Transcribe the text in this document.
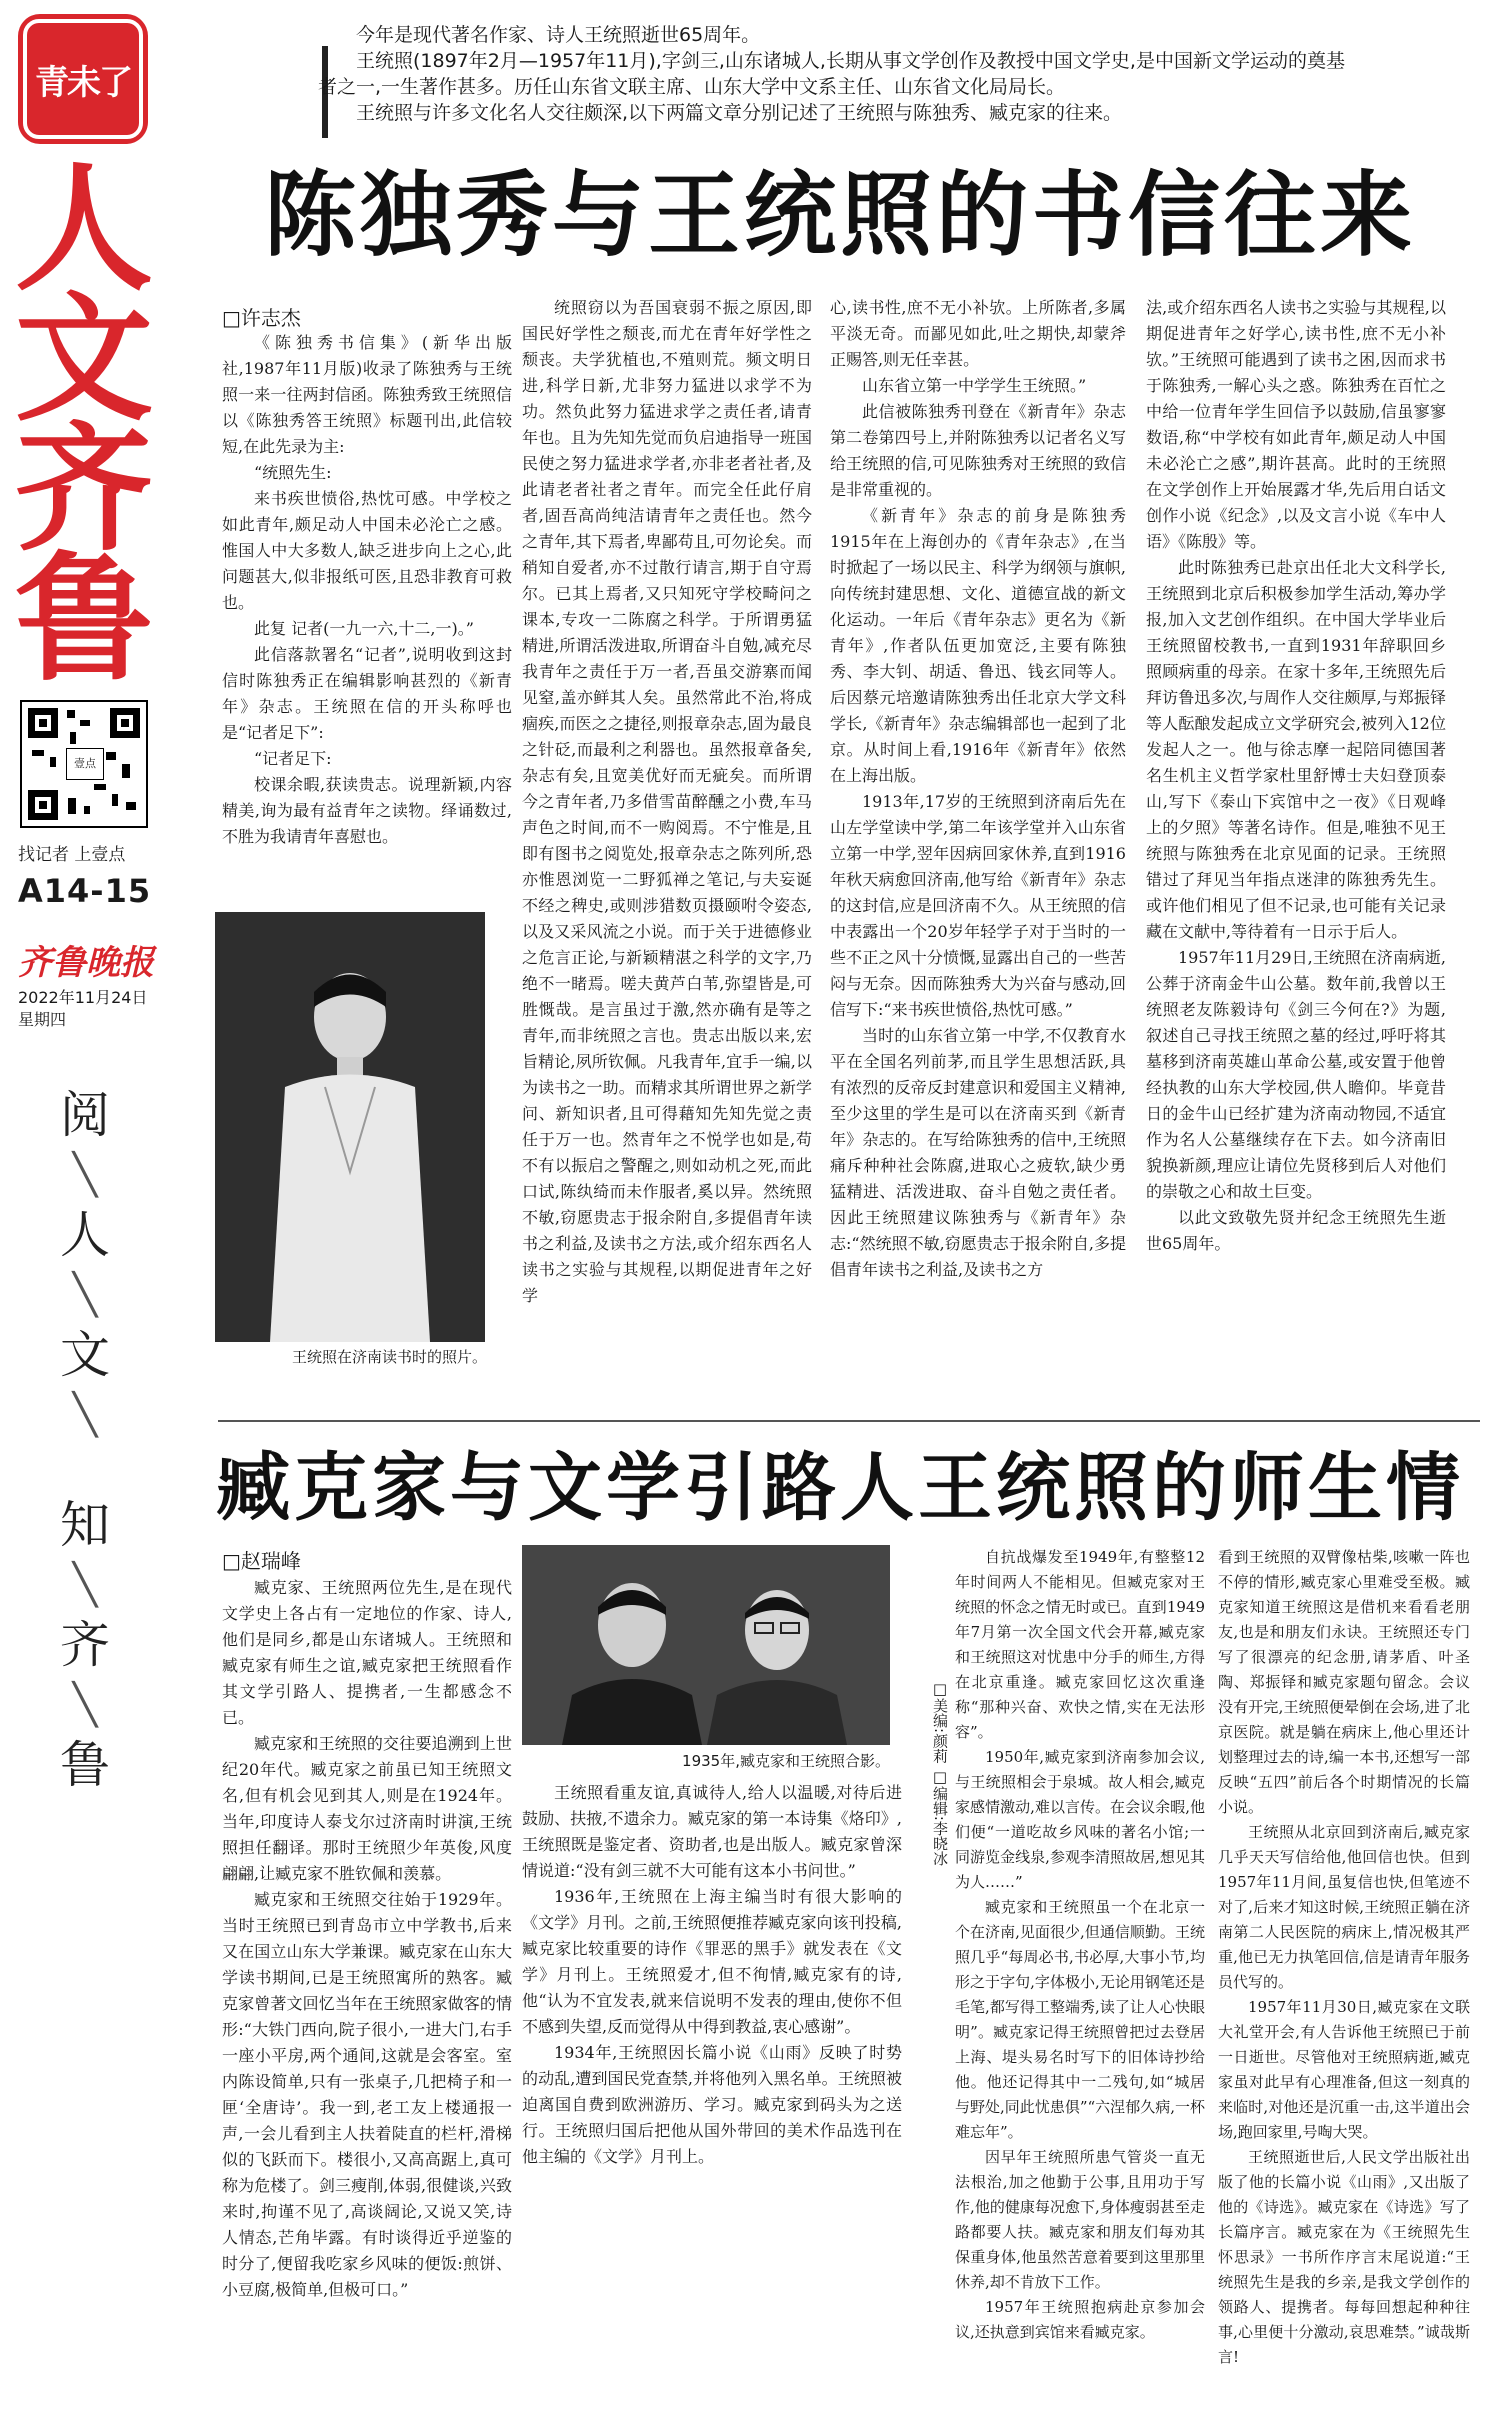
青未了
人
文
齐
鲁
壹点
找记者 上壹点
A14-15
齐鲁晚报
2022年11月24日
星期四
阅
╲
人
╲
文
╲
知
╲
齐
╲
鲁

今年是现代著名作家、诗人王统照逝世65周年。

王统照(1897年2月—1957年11月),字剑三,山东诸城人,长期从事文学创作及教授中国文学史,是中国新文学运动的奠基者之一,一生著作甚多。历任山东省文联主席、山东大学中文系主任、山东省文化局局长。

王统照与许多文化名人交往颇深,以下两篇文章分别记述了王统照与陈独秀、臧克家的往来。

陈独秀与王统照的书信往来
□许志杰

《陈独秀书信集》(新华出版社,1987年11月版)收录了陈独秀与王统照一来一往两封信函。陈独秀致王统照信以《陈独秀答王统照》标题刊出,此信较短,在此先录为主:

“统照先生:

来书疾世愤俗,热忱可感。中学校之如此青年,颇足动人中国未必沦亡之感。惟国人中大多数人,缺乏进步向上之心,此问题甚大,似非报纸可医,且恐非教育可救也。

此复 记者(一九一六,十二,一)。”

此信落款署名“记者”,说明收到这封信时陈独秀正在编辑影响甚烈的《新青年》杂志。王统照在信的开头称呼也是“记者足下”:

“记者足下:

校课余暇,获读贵志。说理新颖,内容精美,询为最有益青年之读物。绎诵数过,不胜为我请青年喜慰也。

王统照在济南读书时的照片。

统照窃以为吾国衰弱不振之原因,即国民好学性之颓丧,而尤在青年好学性之颓丧。夫学犹植也,不殖则荒。频文明日进,科学日新,尤非努力猛进以求学不为功。然负此努力猛进求学之责任者,请青年也。且为先知先觉而负启迪指导一班国民使之努力猛进求学者,亦非老者社者,及此请老者社者之青年。而完全任此仔肩者,固吾高尚纯洁请青年之责任也。然今之青年,其下焉者,卑鄙苟且,可勿论矣。而稍知自爱者,亦不过散行请言,期于自守焉尔。已其上焉者,又只知死守学校畸问之课本,专攻一二陈腐之科学。于所谓勇猛精进,所谓活泼进取,所谓奋斗自勉,减充尽我青年之责任于万一者,吾虽交游寨而闻见窒,盖亦鲜其人矣。虽然常此不治,将成痼疾,而医之之捷径,则报章杂志,固为最良之针砭,而最利之利器也。虽然报章备矣,杂志有矣,且宽美优好而无疵矣。而所谓今之青年者,乃多借雪苗醉醺之小费,车马声色之时间,而不一购阅焉。不宁惟是,且即有图书之阅览处,报章杂志之陈列所,恐亦惟恩浏览一二野狐禅之笔记,与夫妄诞不经之稗史,或则涉猎数页摄颐咐令姿态,以及又采风流之小说。而于关于进德修业之危言正论,与新颖精湛之科学的文字,乃绝不一睹焉。嗟夫黄芦白苇,弥望皆是,可胜慨哉。是言虽过于激,然亦确有是等之青年,而非统照之言也。贵志出版以来,宏旨精论,夙所钦佩。凡我青年,宜手一编,以为读书之一助。而精求其所谓世界之新学问、新知识者,且可得藉知先知先觉之责任于万一也。然青年之不悦学也如是,苟不有以振启之警醒之,则如动机之死,而此口试,陈纨绮而未作服者,奚以异。然统照不敏,窃愿贵志于报余附自,多提倡青年读书之利益,及读书之方法,或介绍东西名人读书之实验与其规程,以期促进青年之好学

心,读书性,庶不无小补欤。上所陈者,多属平淡无奇。而鄙见如此,吐之期快,却蒙斧正赐答,则无任幸甚。

山东省立第一中学学生王统照。”

此信被陈独秀刊登在《新青年》杂志第二卷第四号上,并附陈独秀以记者名义写给王统照的信,可见陈独秀对王统照的致信是非常重视的。

《新青年》杂志的前身是陈独秀1915年在上海创办的《青年杂志》,在当时掀起了一场以民主、科学为纲领与旗帜,向传统封建思想、文化、道德宣战的新文化运动。一年后《青年杂志》更名为《新青年》,作者队伍更加宽泛,主要有陈独秀、李大钊、胡适、鲁迅、钱玄同等人。后因蔡元培邀请陈独秀出任北京大学文科学长,《新青年》杂志编辑部也一起到了北京。从时间上看,1916年《新青年》依然在上海出版。

1913年,17岁的王统照到济南后先在山左学堂读中学,第二年该学堂并入山东省立第一中学,翌年因病回家休养,直到1916年秋天病愈回济南,他写给《新青年》杂志的这封信,应是回济南不久。从王统照的信中表露出一个20岁年轻学子对于当时的一些不正之风十分愤慨,显露出自己的一些苦闷与无奈。因而陈独秀大为兴奋与感动,回信写下:“来书疾世愤俗,热忱可感。”

当时的山东省立第一中学,不仅教育水平在全国名列前茅,而且学生思想活跃,具有浓烈的反帝反封建意识和爱国主义精神,至少这里的学生是可以在济南买到《新青年》杂志的。在写给陈独秀的信中,王统照痛斥种种社会陈腐,进取心之疲软,缺少勇猛精进、活泼进取、奋斗自勉之责任者。因此王统照建议陈独秀与《新青年》杂志:“然统照不敏,窃愿贵志于报余附自,多提倡青年读书之利益,及读书之方

法,或介绍东西名人读书之实验与其规程,以期促进青年之好学心,读书性,庶不无小补欤。”王统照可能遇到了读书之困,因而求书于陈独秀,一解心头之惑。陈独秀在百忙之中给一位青年学生回信予以鼓励,信虽寥寥数语,称“中学校有如此青年,颇足动人中国未必沦亡之感”,期许甚高。此时的王统照在文学创作上开始展露才华,先后用白话文创作小说《纪念》,以及文言小说《车中人语》《陈殷》等。

此时陈独秀已赴京出任北大文科学长,王统照到北京后积极参加学生活动,筹办学报,加入文艺创作组织。在中国大学毕业后王统照留校教书,一直到1931年辞职回乡照顾病重的母亲。在家十多年,王统照先后拜访鲁迅多次,与周作人交往颇厚,与郑振铎等人酝酿发起成立文学研究会,被列入12位发起人之一。他与徐志摩一起陪同德国著名生机主义哲学家杜里舒博士夫妇登顶泰山,写下《泰山下宾馆中之一夜》《日观峰上的夕照》等著名诗作。但是,唯独不见王统照与陈独秀在北京见面的记录。王统照错过了拜见当年指点迷津的陈独秀先生。或许他们相见了但不记录,也可能有关记录藏在文献中,等待着有一日示于后人。

1957年11月29日,王统照在济南病逝,公葬于济南金牛山公墓。数年前,我曾以王统照老友陈毅诗句《剑三今何在?》为题,叙述自己寻找王统照之墓的经过,呼吁将其墓移到济南英雄山革命公墓,或安置于他曾经执教的山东大学校园,供人瞻仰。毕竟昔日的金牛山已经扩建为济南动物园,不适宜作为名人公墓继续存在下去。如今济南旧貌换新颜,理应让请位先贤移到后人对他们的崇敬之心和故土巨变。

以此文致敬先贤并纪念王统照先生逝世65周年。

臧克家与文学引路人王统照的师生情
□赵瑞峰

臧克家、王统照两位先生,是在现代文学史上各占有一定地位的作家、诗人,他们是同乡,都是山东诸城人。王统照和臧克家有师生之谊,臧克家把王统照看作其文学引路人、提携者,一生都感念不已。

臧克家和王统照的交往要追溯到上世纪20年代。臧克家之前虽已知王统照文名,但有机会见到其人,则是在1924年。当年,印度诗人泰戈尔过济南时讲演,王统照担任翻译。那时王统照少年英俊,风度翩翩,让臧克家不胜钦佩和羡慕。

臧克家和王统照交往始于1929年。当时王统照已到青岛市立中学教书,后来又在国立山东大学兼课。臧克家在山东大学读书期间,已是王统照寓所的熟客。臧克家曾著文回忆当年在王统照家做客的情形:“大铁门西向,院子很小,一进大门,右手一座小平房,两个通间,这就是会客室。室内陈设简单,只有一张桌子,几把椅子和一匣‘全唐诗’。我一到,老工友上楼通报一声,一会儿看到主人扶着陡直的栏杆,滑梯似的飞跃而下。楼很小,又高高踞上,真可称为危楼了。剑三瘦削,体弱,很健谈,兴致来时,拘谨不见了,高谈阔论,又说又笑,诗人情态,芒角毕露。有时谈得近乎逆鉴的时分了,便留我吃家乡风味的便饭:煎饼、小豆腐,极简单,但极可口。”

1935年,臧克家和王统照合影。

王统照看重友谊,真诚待人,给人以温暖,对待后进鼓励、扶掖,不遗余力。臧克家的第一本诗集《烙印》,王统照既是鉴定者、资助者,也是出版人。臧克家曾深情说道:“没有剑三就不大可能有这本小书问世。”

1936年,王统照在上海主编当时有很大影响的《文学》月刊。之前,王统照便推荐臧克家向该刊投稿,臧克家比较重要的诗作《罪恶的黑手》就发表在《文学》月刊上。王统照爱才,但不徇情,臧克家有的诗,他“认为不宜发表,就来信说明不发表的理由,使你不但不感到失望,反而觉得从中得到教益,衷心感谢”。

1934年,王统照因长篇小说《山雨》反映了时势的动乱,遭到国民党查禁,并将他列入黑名单。王统照被迫离国自费到欧洲游历、学习。臧克家到码头为之送行。王统照归国后把他从国外带回的美术作品选刊在他主编的《文学》月刊上。

□美编:颜莉 □编辑:李晓冰

自抗战爆发至1949年,有整整12年时间两人不能相见。但臧克家对王统照的怀念之情无时或已。直到1949年7月第一次全国文代会开幕,臧克家和王统照这对忧患中分手的师生,方得在北京重逢。臧克家回忆这次重逢称“那种兴奋、欢快之情,实在无法形容”。

1950年,臧克家到济南参加会议,与王统照相会于泉城。故人相会,臧克家感情激动,难以言传。在会议余暇,他们便“一道吃故乡风味的著名小馆;一同游览金线泉,参观李清照故居,想见其为人……”

臧克家和王统照虽一个在北京一个在济南,见面很少,但通信顺勤。王统照几乎“每周必书,书必厚,大事小节,均形之于字句,字体极小,无论用钢笔还是毛笔,都写得工整端秀,读了让人心快眼明”。臧克家记得王统照曾把过去登居上海、堤头易名时写下的旧体诗抄给他。他还记得其中一二残句,如“城居与野处,同此忧患俱”“六涅郁久病,一杯难忘年”。

因早年王统照所患气管炎一直无法根治,加之他勤于公事,且用功于写作,他的健康每况愈下,身体瘦弱甚至走路都要人扶。臧克家和朋友们每劝其保重身体,他虽然苦意着要到这里那里休养,却不肯放下工作。

1957年王统照抱病赴京参加会议,还执意到宾馆来看臧克家。

看到王统照的双臂像枯柴,咳嗽一阵也不停的情形,臧克家心里难受至极。臧克家知道王统照这是借机来看看老朋友,也是和朋友们永诀。王统照还专门写了很漂亮的纪念册,请茅盾、叶圣陶、郑振铎和臧克家题句留念。会议没有开完,王统照便晕倒在会场,进了北京医院。就是躺在病床上,他心里还计划整理过去的诗,编一本书,还想写一部反映“五四”前后各个时期情况的长篇小说。

王统照从北京回到济南后,臧克家几乎天天写信给他,他回信也快。但到1957年11月间,虽复信也快,但笔迹不对了,后来才知这时候,王统照正躺在济南第二人民医院的病床上,情况极其严重,他已无力执笔回信,信是请青年服务员代写的。

1957年11月30日,臧克家在文联大礼堂开会,有人告诉他王统照已于前一日逝世。尽管他对王统照病逝,臧克家虽对此早有心理准备,但这一刻真的来临时,对他还是沉重一击,这半道出会场,跑回家里,号啕大哭。

王统照逝世后,人民文学出版社出版了他的长篇小说《山雨》,又出版了他的《诗选》。臧克家在《诗选》写了长篇序言。臧克家在为《王统照先生怀思录》一书所作序言末尾说道:“王统照先生是我的乡亲,是我文学创作的领路人、提携者。每每回想起种种往事,心里便十分激动,哀思难禁。”诚哉斯言!
